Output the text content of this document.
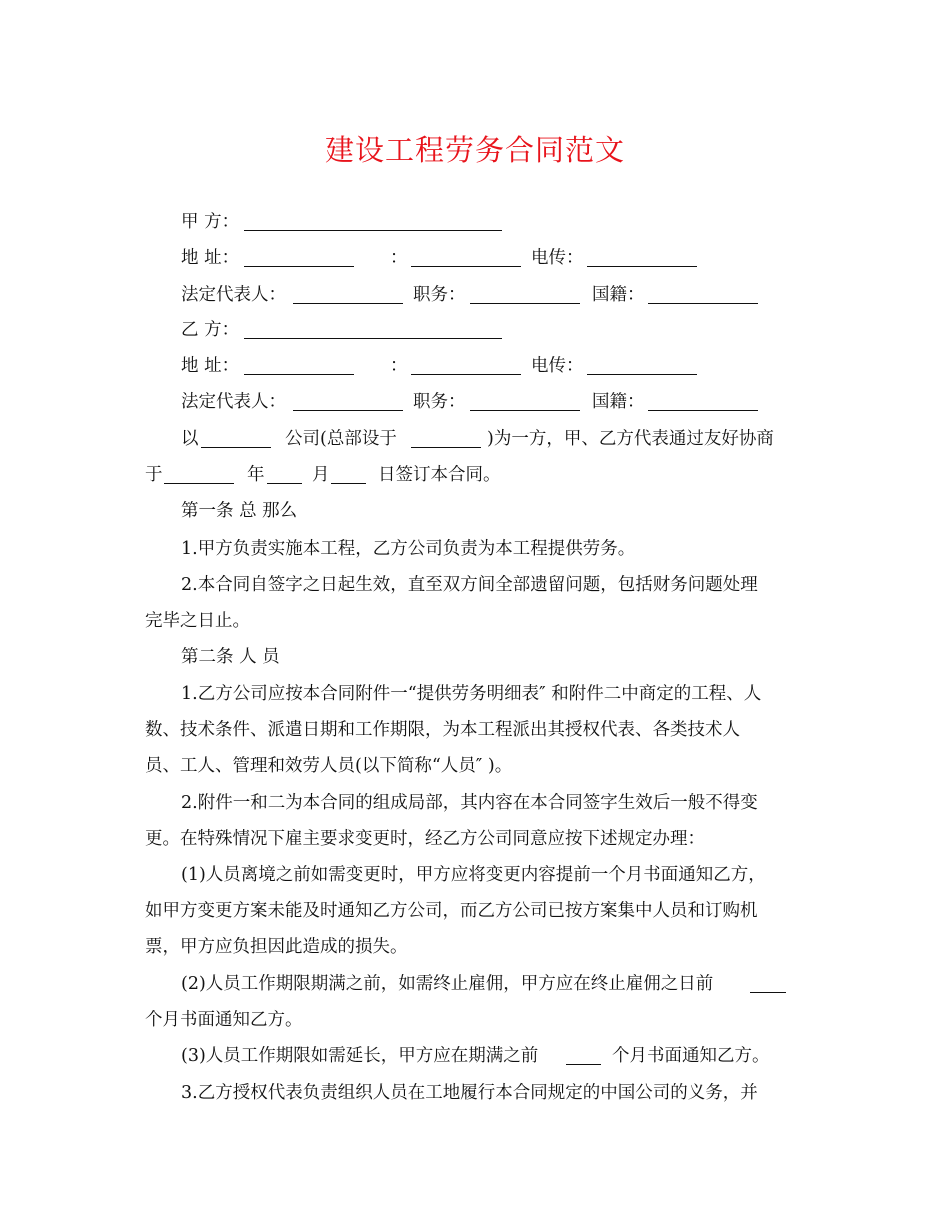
建设工程劳务合同范文
甲 方：
地 址：	：	电传：
法定代表人：	职务：	国籍：
乙 方：
地 址：	：	电传：
法定代表人：	职务：	国籍：
以	公司(总部设于	)为一方，甲、乙方代表通过友好协商
于	年	月	日签订本合同。
第一条 总 那么
1.甲方负责实施本工程，乙方公司负责为本工程提供劳务。
2.本合同自签字之日起生效，直至双方间全部遗留问题，包括财务问题处理
完毕之日止。
第二条 人 员
1.乙方公司应按本合同附件一“提供劳务明细表″ 和附件二中商定的工程、人
数、技术条件、派遣日期和工作期限，为本工程派出其授权代表、各类技术人
员、工人、管理和效劳人员(以下简称“人员″ )。
2.附件一和二为本合同的组成局部，其内容在本合同签字生效后一般不得变
更。在特殊情况下雇主要求变更时，经乙方公司同意应按下述规定办理：
(1)人员离境之前如需变更时，甲方应将变更内容提前一个月书面通知乙方，
如甲方变更方案未能及时通知乙方公司，而乙方公司已按方案集中人员和订购机
票，甲方应负担因此造成的损失。
(2)人员工作期限期满之前，如需终止雇佣，甲方应在终止雇佣之日前
个月书面通知乙方。
(3)人员工作期限如需延长，甲方应在期满之前	个月书面通知乙方。
3.乙方授权代表负责组织人员在工地履行本合同规定的中国公司的义务，并
